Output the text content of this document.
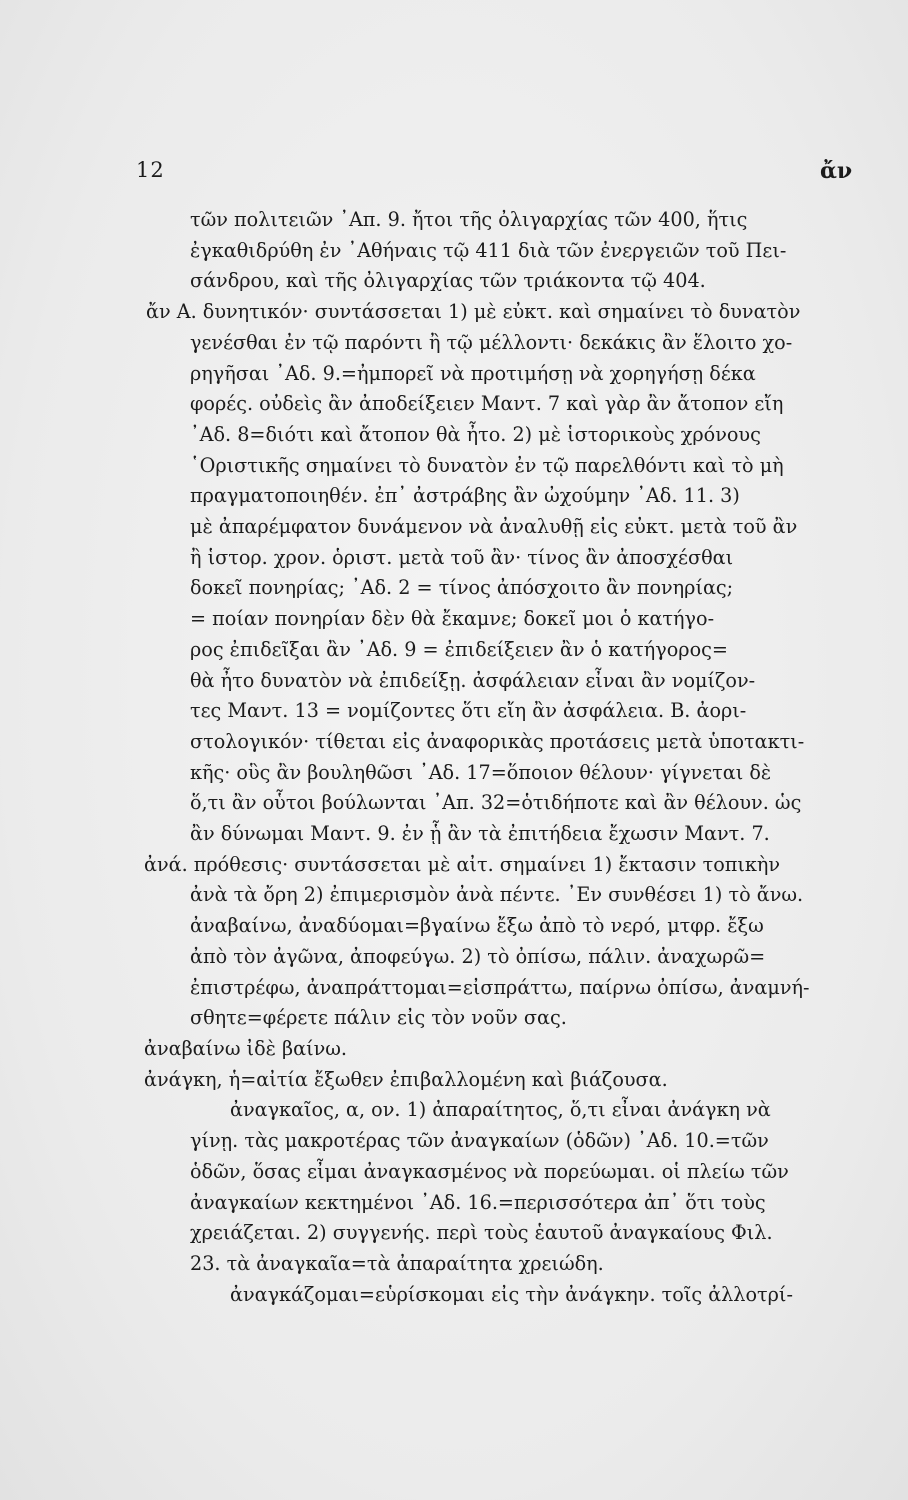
12	ἄν
τῶν πολιτειῶν ᾿Απ. 9. ἤτοι τῆς ὀλιγαρχίας τῶν 400, ἥτις
ἐγκαθιδρύθη ἐν ᾿Αθήναις τῷ 411 διὰ τῶν ἐνεργειῶν τοῦ Πει-
σάνδρου, καὶ τῆς ὀλιγαρχίας τῶν τριάκοντα τῷ 404.
ἄν A. δυνητικόν· συντάσσεται 1) μὲ εὐκτ. καὶ σημαίνει τὸ δυνατὸν
γενέσθαι ἐν τῷ παρόντι ἢ τῷ μέλλοντι· δεκάκις ἂν ἕλοιτο χο-
ρηγῆσαι ᾿Αδ. 9.=ἠμπορεῖ νὰ προτιμήσῃ νὰ χορηγήσῃ δέκα
φορές. οὐδεὶς ἂν ἀποδείξειεν Μαντ. 7 καὶ γὰρ ἂν ἄτοπον εἴη
᾿Αδ. 8=διότι καὶ ἄτοπον θὰ ἦτο. 2) μὲ ἱστορικοὺς χρόνους
῾Οριστικῆς σημαίνει τὸ δυνατὸν ἐν τῷ παρελθόντι καὶ τὸ μὴ
πραγματοποιηθέν. ἐπ᾿ ἀστράβης ἂν ὠχούμην ᾿Αδ. 11. 3)
μὲ ἀπαρέμφατον δυνάμενον νὰ ἀναλυθῇ εἰς εὐκτ. μετὰ τοῦ ἂν
ἢ ἱστορ. χρον. ὁριστ. μετὰ τοῦ ἂν· τίνος ἂν ἀποσχέσθαι
δοκεῖ πονηρίας; ᾿Αδ. 2 = τίνος ἀπόσχοιτο ἂν πονηρίας;
= ποίαν πονηρίαν δὲν θὰ ἔκαμνε; δοκεῖ μοι ὁ κατήγο-
ρος ἐπιδεῖξαι ἂν ᾿Αδ. 9 = ἐπιδείξειεν ἂν ὁ κατήγορος=
θὰ ἦτο δυνατὸν νὰ ἐπιδείξῃ. ἀσφάλειαν εἶναι ἂν νομίζον-
τες Μαντ. 13 = νομίζοντες ὅτι εἴη ἂν ἀσφάλεια. B. ἀορι-
στολογικόν· τίθεται εἰς ἀναφορικὰς προτάσεις μετὰ ὑποτακτι-
κῆς· οὓς ἂν βουληθῶσι ᾿Αδ. 17=ὅποιον θέλουν· γίγνεται δὲ
ὅ,τι ἂν οὗτοι βούλωνται ᾿Απ. 32=ὁτιδήποτε καὶ ἂν θέλουν. ὡς
ἂν δύνωμαι Μαντ. 9. ἐν ᾗ ἂν τὰ ἐπιτήδεια ἔχωσιν Μαντ. 7.
ἀνά. πρόθεσις· συντάσσεται μὲ αἰτ. σημαίνει 1) ἔκτασιν τοπικὴν
ἀνὰ τὰ ὄρη 2) ἐπιμερισμὸν ἀνὰ πέντε. ᾿Εν συνθέσει 1) τὸ ἄνω.
ἀναβαίνω, ἀναδύομαι=βγαίνω ἔξω ἀπὸ τὸ νερό, μτφρ. ἔξω
ἀπὸ τὸν ἀγῶνα, ἀποφεύγω. 2) τὸ ὀπίσω, πάλιν. ἀναχωρῶ=
ἐπιστρέφω, ἀναπράττομαι=εἰσπράττω, παίρνω ὀπίσω, ἀναμνή-
σθητε=φέρετε πάλιν εἰς τὸν νοῦν σας.
ἀναβαίνω ἰδὲ βαίνω.
ἀνάγκη, ἡ=αἰτία ἔξωθεν ἐπιβαλλομένη καὶ βιάζουσα.
ἀναγκαῖος, α, ον. 1) ἀπαραίτητος, ὅ,τι εἶναι ἀνάγκη νὰ
γίνῃ. τὰς μακροτέρας τῶν ἀναγκαίων (ὁδῶν) ᾿Αδ. 10.=τῶν
ὁδῶν, ὅσας εἶμαι ἀναγκασμένος νὰ πορεύωμαι. οἱ πλείω τῶν
ἀναγκαίων κεκτημένοι ᾿Αδ. 16.=περισσότερα ἀπ᾿ ὅτι τοὺς
χρειάζεται. 2) συγγενής. περὶ τοὺς ἑαυτοῦ ἀναγκαίους Φιλ.
23. τὰ ἀναγκαῖα=τὰ ἀπαραίτητα χρειώδη.
ἀναγκάζομαι=εὑρίσκομαι εἰς τὴν ἀνάγκην. τοῖς ἀλλοτρί-
